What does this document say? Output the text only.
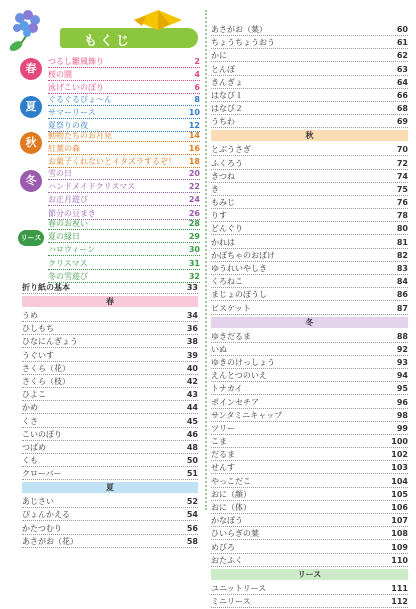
もくじ
春
つるし雛風飾り	2
桜の園	4
泳げこいのぼり	6
夏
ぐるぐるぴょ～ん	8
サマーリース	10
夏祭りの夜	12
秋
動物たちのお月見	14
紅葉の森	16
お菓子くれないとイタズラするぞ！ 18
冬
雪の日	20
ハンドメイドクリスマス	22
お正月遊び	24
節分の豆まき	26
リース
春のお祝い	28
夏の縁日	29
ハロウィーン	30
クリスマス	31
冬の雪遊び	32
折り紙の基本	33
春
うめ	34
ひしもち	36
ひなにんぎょう	38
うぐいす	39
さくら（花）	40
さくら（枝）	42
ひよこ	43
かめ	44
くさ	45
こいのぼり	46
つばめ	48
くも	50
クローバー	51
夏
あじさい	52
ぴょんかえる	54
かたつむり	56
あさがお（花）	58
あさがお（葉）	60
ちょうちょうおう	61
かに	62
とんぼ	63
きんぎょ	64
はなび１	66
はなび２	68
うちわ	69
秋
とぶうさぎ	70
ふくろう	72
きつね	74
き	75
もみじ	76
りす	78
どんぐり	80
かれは	81
かぼちゃのおばけ	82
ゆうれいやしき	83
くろねこ	84
まじょのぼうし	86
ビスケット	87
冬
ゆきだるま	88
いぬ	92
ゆきのけっしょう	93
えんとつのいえ	94
トナカイ	95
ポインセチア	96
サンタミニキャップ	98
ツリー	99
こま	100
だるま	102
せんす	103
やっこだこ	104
おに（顔）	105
おに（体）	106
かなぼう	107
ひいらぎの葉	108
めびろ	109
おたふく	110
リース
ユニットリース	111
ミニリース	112
